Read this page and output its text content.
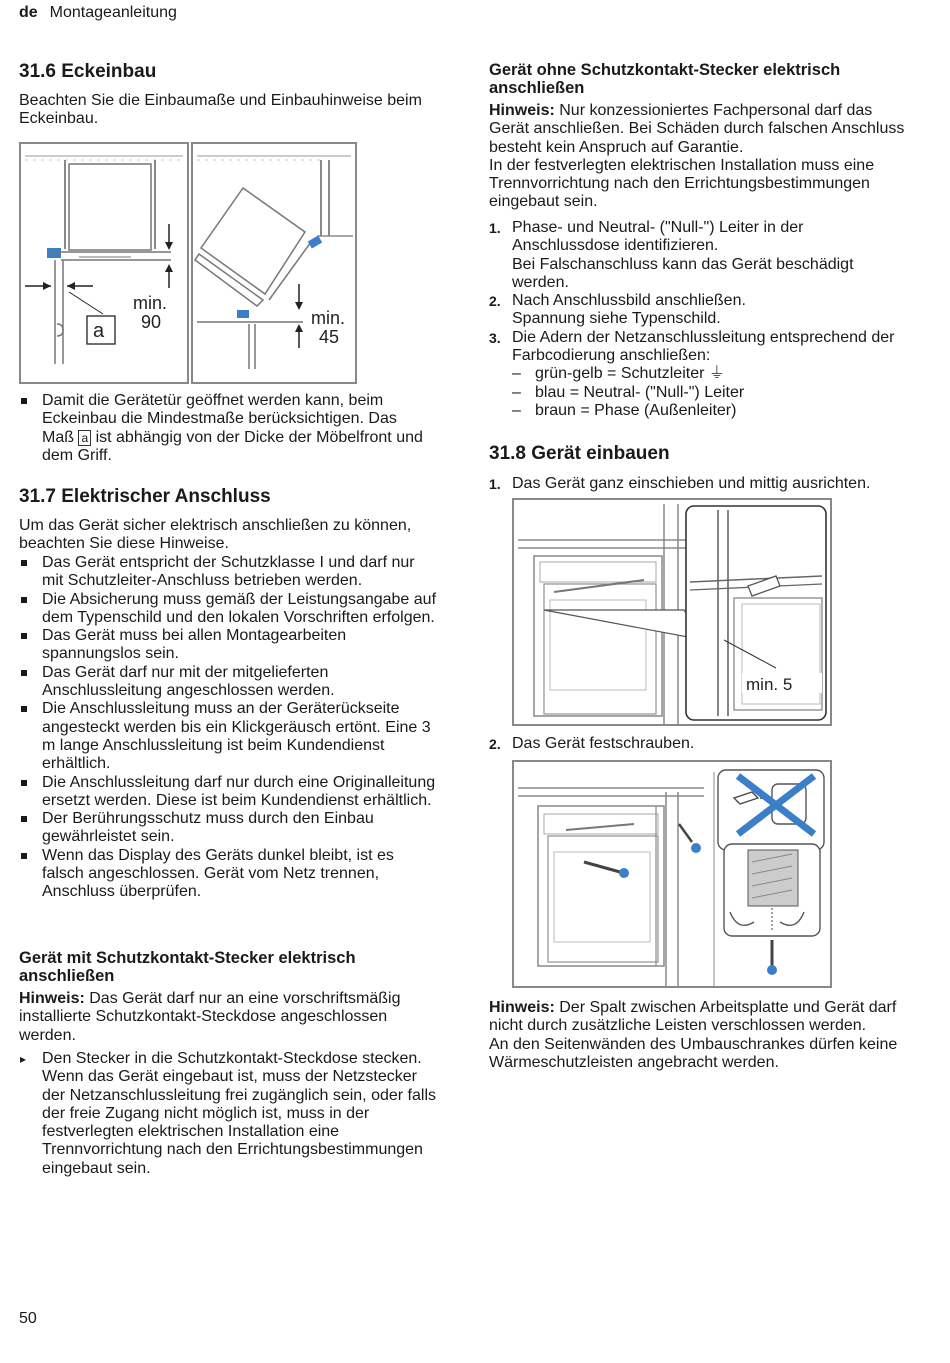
de Montageanleitung
31.6 Eckeinbau

Beachten Sie die Einbaumaße und Einbauhinweise beim Eckeinbau.

a
min.
90	min.
45
Damit die Gerätetür geöffnet werden kann, beim Eckeinbau die Mindestmaße berücksichtigen. Das Maß a ist abhängig von der Dicke der Möbelfront und dem Griff.
31.7 Elektrischer Anschluss

Um das Gerät sicher elektrisch anschließen zu können, beachten Sie diese Hinweise.

Das Gerät entspricht der Schutzklasse I und darf nur mit Schutzleiter-Anschluss betrieben werden.
Die Absicherung muss gemäß der Leistungsangabe auf dem Typenschild und den lokalen Vorschriften erfolgen.
Das Gerät muss bei allen Montagearbeiten spannungslos sein.
Das Gerät darf nur mit der mitgelieferten Anschlussleitung angeschlossen werden.
Die Anschlussleitung muss an der Geräterückseite angesteckt werden bis ein Klickgeräusch ertönt. Eine 3 m lange Anschlussleitung ist beim Kundendienst erhältlich.
Die Anschlussleitung darf nur durch eine Originalleitung ersetzt werden. Diese ist beim Kundendienst erhältlich.
Der Berührungsschutz muss durch den Einbau gewährleistet sein.
Wenn das Display des Geräts dunkel bleibt, ist es falsch angeschlossen. Gerät vom Netz trennen, Anschluss überprüfen.
Gerät mit Schutzkontakt-Stecker elektrisch anschließen

Hinweis: Das Gerät darf nur an eine vorschriftsmäßig installierte Schutzkontakt-Steckdose angeschlossen werden.

▸ Den Stecker in die Schutzkontakt-Steckdose stecken.
Wenn das Gerät eingebaut ist, muss der Netzstecker der Netzanschlussleitung frei zugänglich sein, oder falls der freie Zugang nicht möglich ist, muss in der festverlegten elektrischen Installation eine Trennvorrichtung nach den Errichtungsbestimmungen eingebaut sein.
Gerät ohne Schutzkontakt-Stecker elektrisch anschließen

Hinweis: Nur konzessioniertes Fachpersonal darf das Gerät anschließen. Bei Schäden durch falschen Anschluss besteht kein Anspruch auf Garantie.
In der festverlegten elektrischen Installation muss eine Trennvorrichtung nach den Errichtungsbestimmungen eingebaut sein.

1. Phase- und Neutral- ("Null-") Leiter in der Anschlussdose identifizieren.
Bei Falschanschluss kann das Gerät beschädigt werden.
2. Nach Anschlussbild anschließen.
Spannung siehe Typenschild.
3. Die Adern der Netzanschlussleitung entsprechend der Farbcodierung anschließen:
– grün-gelb = Schutzleiter ⏚
– blau = Neutral- ("Null-") Leiter
– braun = Phase (Außenleiter)
31.8 Gerät einbauen
1. Das Gerät ganz einschieben und mittig ausrichten.
min. 5
2. Das Gerät festschrauben.

Hinweis: Der Spalt zwischen Arbeitsplatte und Gerät darf nicht durch zusätzliche Leisten verschlossen werden.
An den Seitenwänden des Umbauschrankes dürfen keine Wärmeschutzleisten angebracht werden.

50
